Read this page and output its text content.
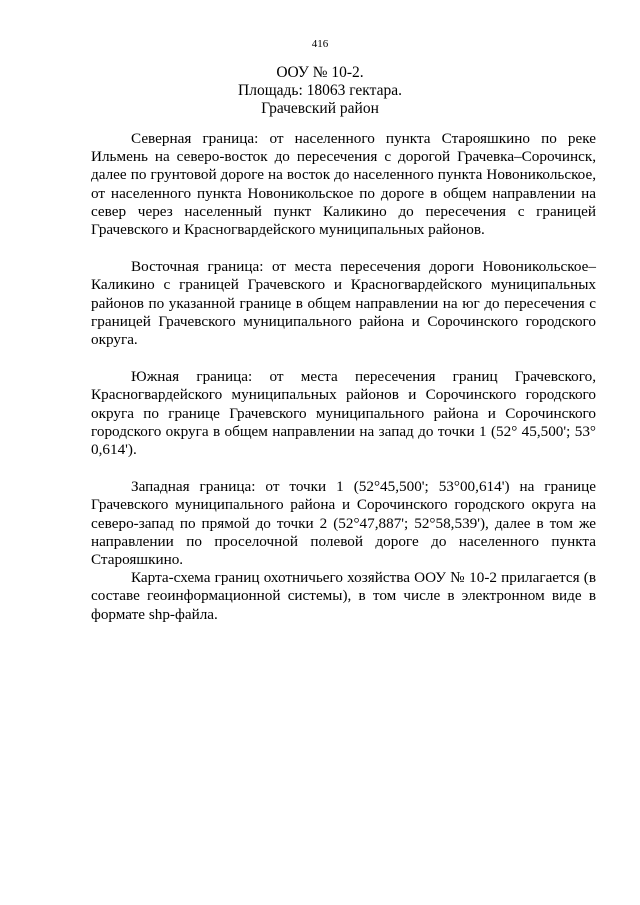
416
ООУ № 10-2.
Площадь: 18063 гектара.
Грачевский район

Северная граница: от населенного пункта Старояшкино по реке Ильмень на северо-восток до пересечения с дорогой Грачевка–Сорочинск, далее по грунтовой дороге на восток до населенного пункта Новоникольское, от населенного пункта Новоникольское по дороге в общем направлении на север через населенный пункт Каликино до пересечения с границей Грачевского и Красногвардейского муниципальных районов.

Восточная граница: от места пересечения дороги Новоникольское–Каликино с границей Грачевского и Красногвардейского муниципальных районов по указанной границе в общем направлении на юг до пересечения с границей Грачевского муниципального района и Сорочинского городского округа.

Южная граница: от места пересечения границ Грачевского, Красногвардейского муниципальных районов и Сорочинского городского округа по границе Грачевского муниципального района и Сорочинского городского округа в общем направлении на запад до точки 1 (52° 45,500'; 53° 0,614').

Западная граница: от точки 1 (52°45,500'; 53°00,614') на границе Грачевского муниципального района и Сорочинского городского округа на северо-запад по прямой до точки 2 (52°47,887'; 52°58,539'), далее в том же направлении по проселочной полевой дороге до населенного пункта Старояшкино.

Карта-схема границ охотничьего хозяйства ООУ № 10-2 прилагается (в составе геоинформационной системы), в том числе в электронном виде в формате shp-файла.
